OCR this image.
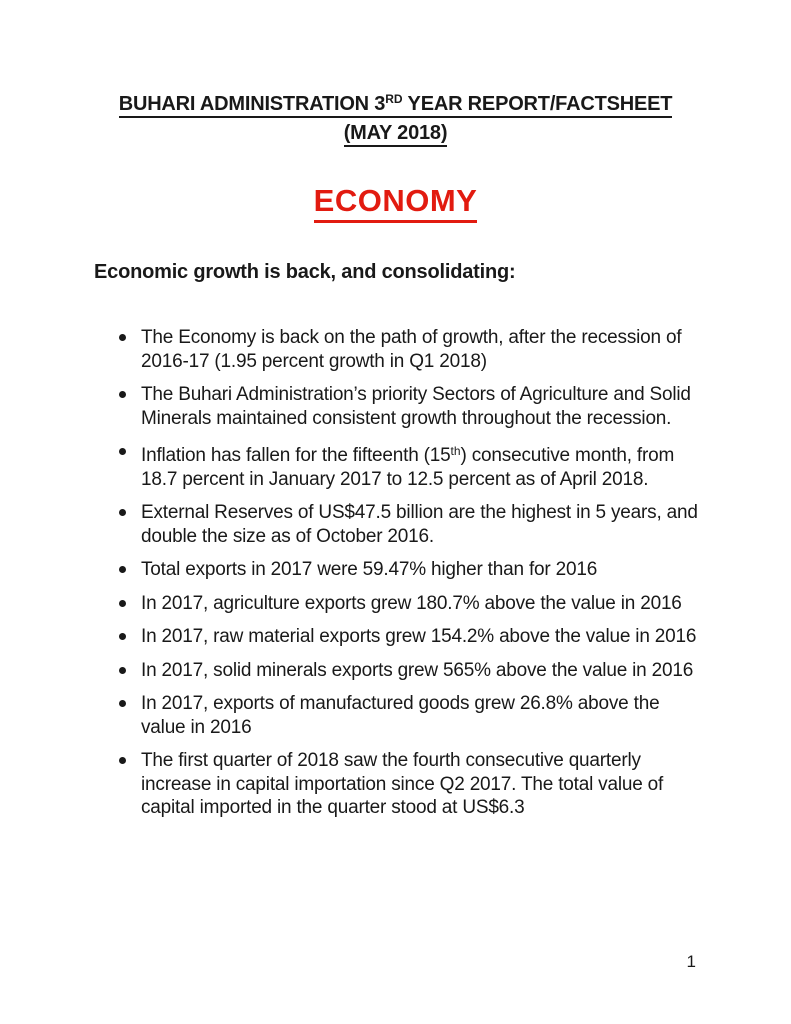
BUHARI ADMINISTRATION 3RD YEAR REPORT/FACTSHEET
(MAY 2018)
ECONOMY
Economic growth is back, and consolidating:
The Economy is back on the path of growth, after the recession of 2016-17 (1.95 percent growth in Q1 2018)
The Buhari Administration’s priority Sectors of Agriculture and Solid Minerals maintained consistent growth throughout the recession.
Inflation has fallen for the fifteenth (15th) consecutive month, from 18.7 percent in January 2017 to 12.5 percent as of April 2018.
External Reserves of US$47.5 billion are the highest in 5 years, and double the size as of October 2016.
Total exports in 2017 were 59.47% higher than for 2016
In 2017, agriculture exports grew 180.7% above the value in 2016
In 2017, raw material exports grew 154.2% above the value in 2016
In 2017, solid minerals exports grew 565% above the value in 2016
In 2017, exports of manufactured goods grew 26.8% above the value in 2016
The first quarter of 2018 saw the fourth consecutive quarterly increase in capital importation since Q2 2017. The total value of capital imported in the quarter stood at US$6.3
1
